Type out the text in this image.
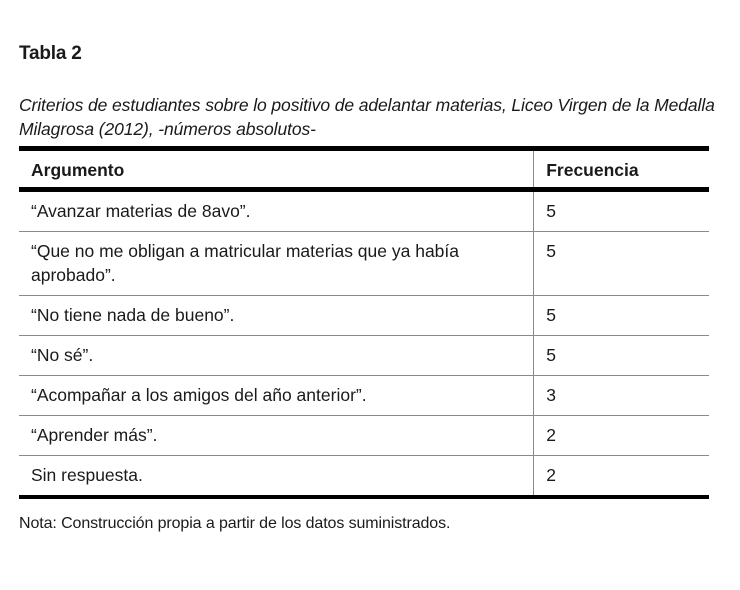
Tabla 2
Criterios de estudiantes sobre lo positivo de adelantar materias, Liceo Virgen de la Medalla Milagrosa (2012), -números absolutos-
Argumento	Frecuencia
“Avanzar materias de 8avo”.	5
“Que no me obligan a matricular materias que ya había aprobado”.	5
“No tiene nada de bueno”.	5
“No sé”.	5
“Acompañar a los amigos del año anterior”.	3
“Aprender más”.	2
Sin respuesta.	2
Nota: Construcción propia a partir de los datos suministrados.
